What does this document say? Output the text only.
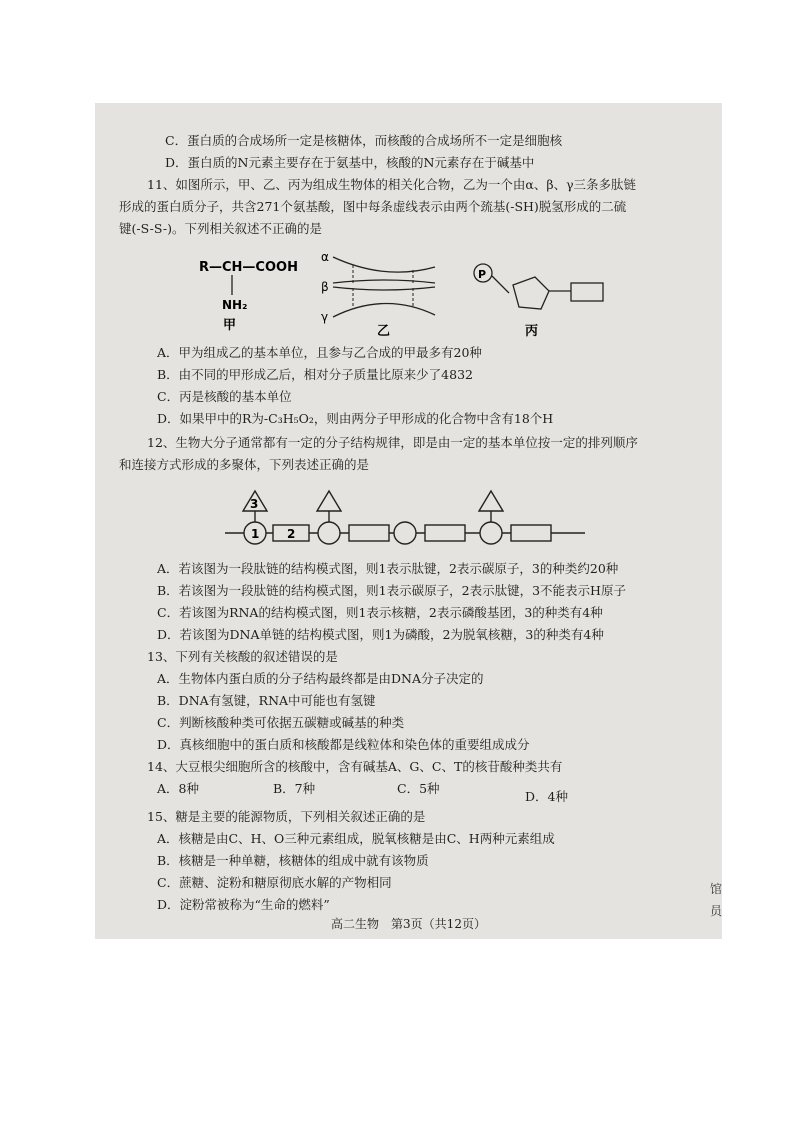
C．蛋白质的合成场所一定是核糖体，而核酸的合成场所不一定是细胞核
D．蛋白质的N元素主要存在于氨基中，核酸的N元素存在于碱基中
11、如图所示，甲、乙、丙为组成生物体的相关化合物，乙为一个由α、β、γ三条多肽链
形成的蛋白质分子，共含271个氨基酸，图中每条虚线表示由两个巯基(-SH)脱氢形成的二硫
键(-S-S-)。下列相关叙述不正确的是
R—CH—COOH
NH₂
甲
α
β
γ
乙
P
丙
A．甲为组成乙的基本单位，且参与乙合成的甲最多有20种
B．由不同的甲形成乙后，相对分子质量比原来少了4832
C．丙是核酸的基本单位
D．如果甲中的R为-C₃H₅O₂，则由两分子甲形成的化合物中含有18个H
12、生物大分子通常都有一定的分子结构规律，即是由一定的基本单位按一定的排列顺序
和连接方式形成的多聚体，下列表述正确的是
3
1 2
A．若该图为一段肽链的结构模式图，则1表示肽键，2表示碳原子，3的种类约20种
B．若该图为一段肽链的结构模式图，则1表示碳原子，2表示肽键，3不能表示H原子
C．若该图为RNA的结构模式图，则1表示核糖，2表示磷酸基团，3的种类有4种
D．若该图为DNA单链的结构模式图，则1为磷酸，2为脱氧核糖，3的种类有4种
13、下列有关核酸的叙述错误的是
A．生物体内蛋白质的分子结构最终都是由DNA分子决定的
B．DNA有氢键，RNA中可能也有氢键
C．判断核酸种类可依据五碳糖或碱基的种类
D．真核细胞中的蛋白质和核酸都是线粒体和染色体的重要组成成分
14、大豆根尖细胞所含的核酸中，含有碱基A、G、C、T的核苷酸种类共有
A．8种	B．7种	C．5种
D．4种
15、糖是主要的能源物质，下列相关叙述正确的是
A．核糖是由C、H、O三种元素组成，脱氧核糖是由C、H两种元素组成
B．核糖是一种单糖，核糖体的组成中就有该物质
C．蔗糖、淀粉和糖原彻底水解的产物相同
D．淀粉常被称为“生命的燃料”
高二生物　第3页（共12页）
馆
员
